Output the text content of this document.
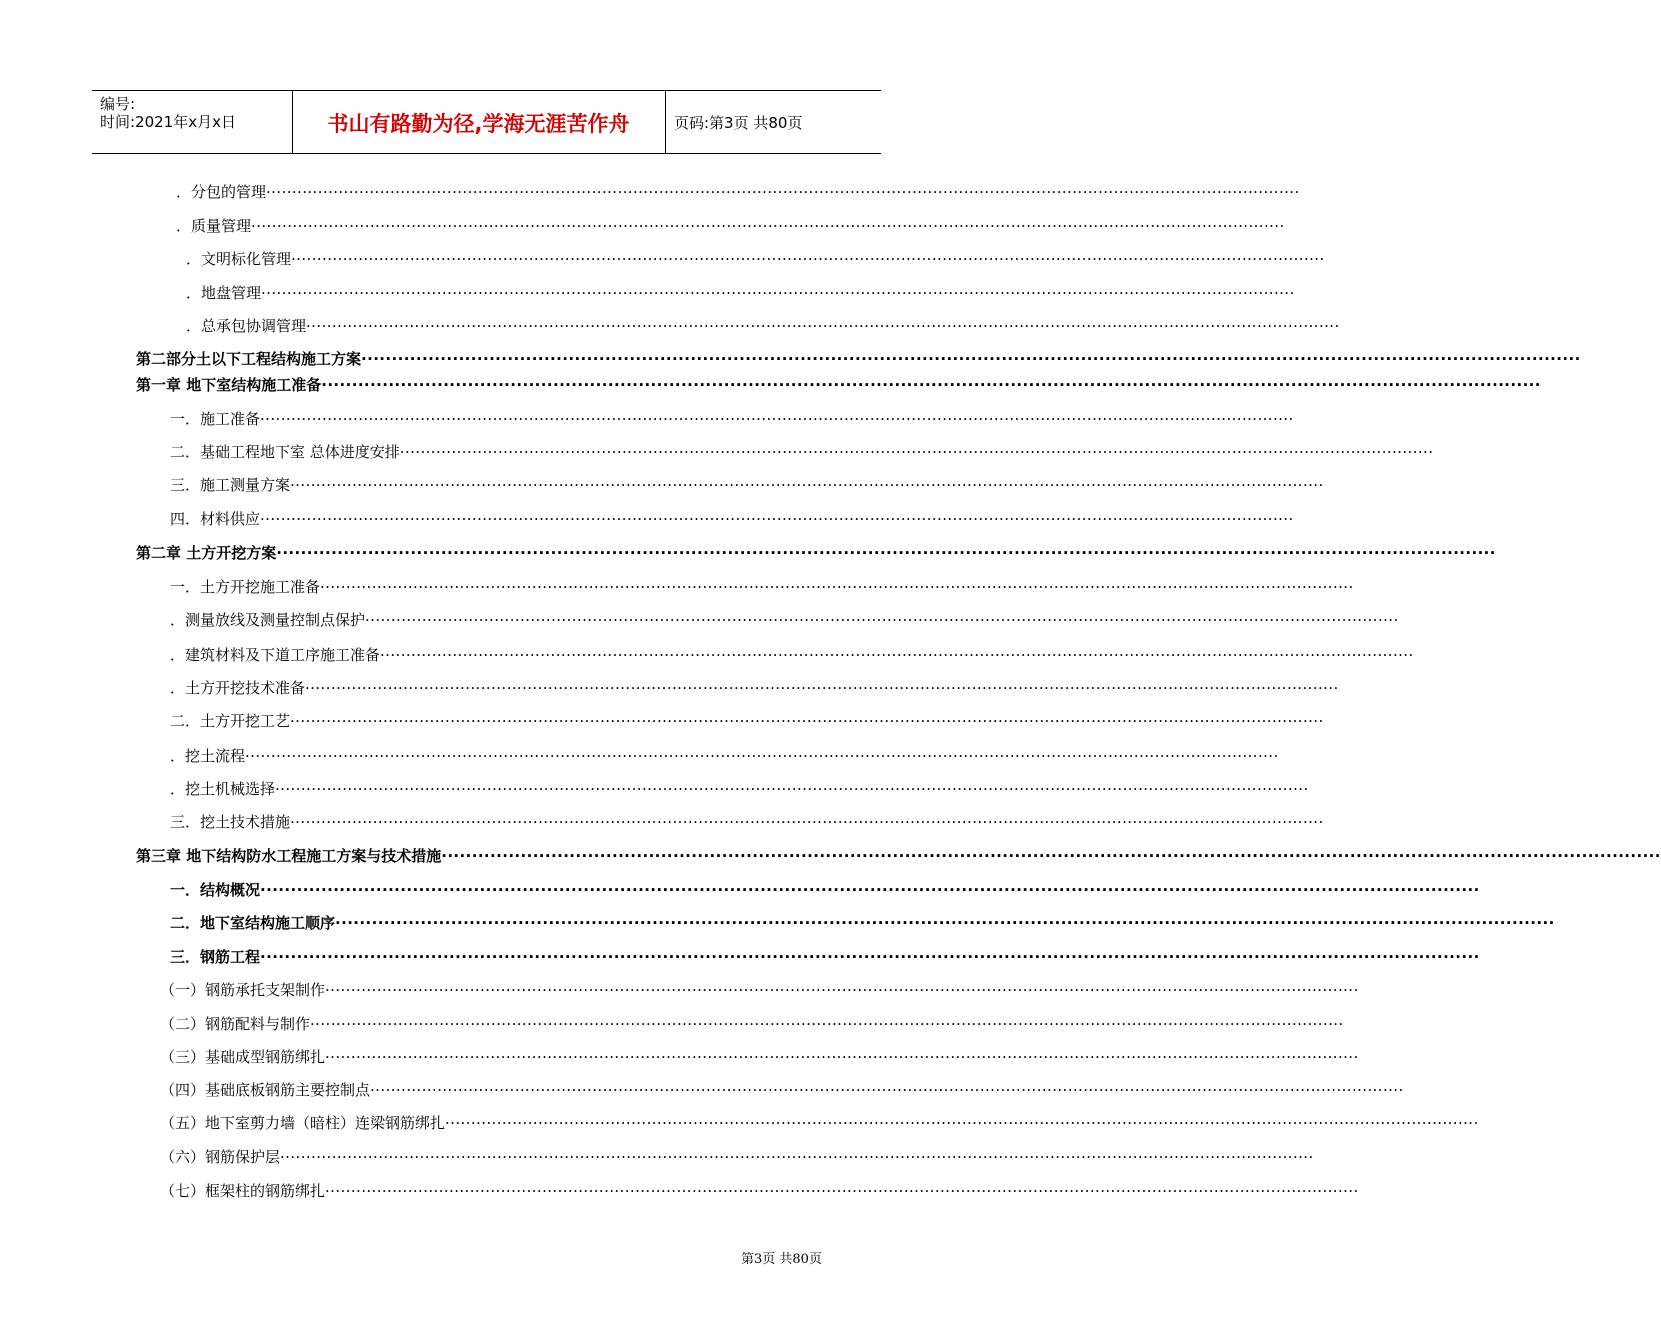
编号:
时间:2021年x月x日	书山有路勤为径,学海无涯苦作舟	页码:第3页 共80页
．分包的管理········································································································································································································
．质量管理········································································································································································································
．文明标化管理········································································································································································································
．地盘管理········································································································································································································
．总承包协调管理········································································································································································································
第二部分土以下工程结构施工方案········································································································································································································
第一章 地下室结构施工准备········································································································································································································
一．施工准备········································································································································································································
二．基础工程地下室 总体进度安排········································································································································································································
三．施工测量方案········································································································································································································
四．材料供应········································································································································································································
第二章 土方开挖方案········································································································································································································
一．土方开挖施工准备········································································································································································································
．测量放线及测量控制点保护········································································································································································································
．建筑材料及下道工序施工准备········································································································································································································
．土方开挖技术准备········································································································································································································
二．土方开挖工艺········································································································································································································
．挖土流程········································································································································································································
．挖土机械选择········································································································································································································
三．挖土技术措施········································································································································································································
第三章 地下结构防水工程施工方案与技术措施········································································································································································································
一．结构概况········································································································································································································
二．地下室结构施工顺序········································································································································································································
三．钢筋工程········································································································································································································
（一）钢筋承托支架制作········································································································································································································
（二）钢筋配料与制作········································································································································································································
（三）基础成型钢筋绑扎········································································································································································································
（四）基础底板钢筋主要控制点········································································································································································································
（五）地下室剪力墙（暗柱）连梁钢筋绑扎········································································································································································································
（六）钢筋保护层········································································································································································································
（七）框架柱的钢筋绑扎········································································································································································································
第3页 共80页
